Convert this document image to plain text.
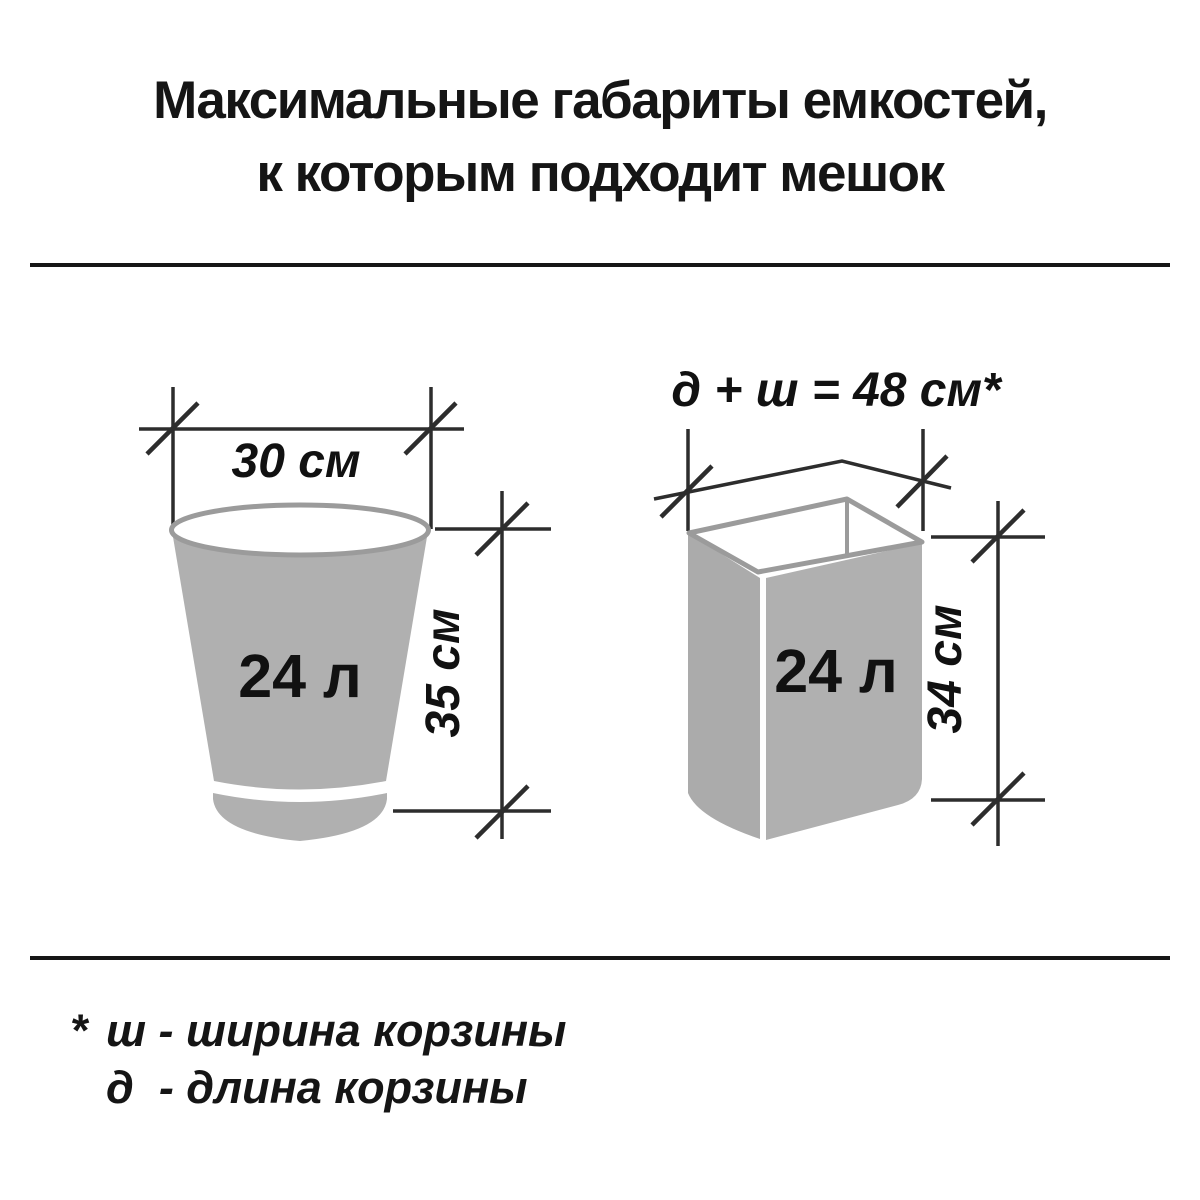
Максимальные габариты емкостей,
к которым подходит мешок
30 см
24 л 35 см
д + ш = 48 см*
24 л 34 см
* ш - ширина корзины
д  - длина корзины
